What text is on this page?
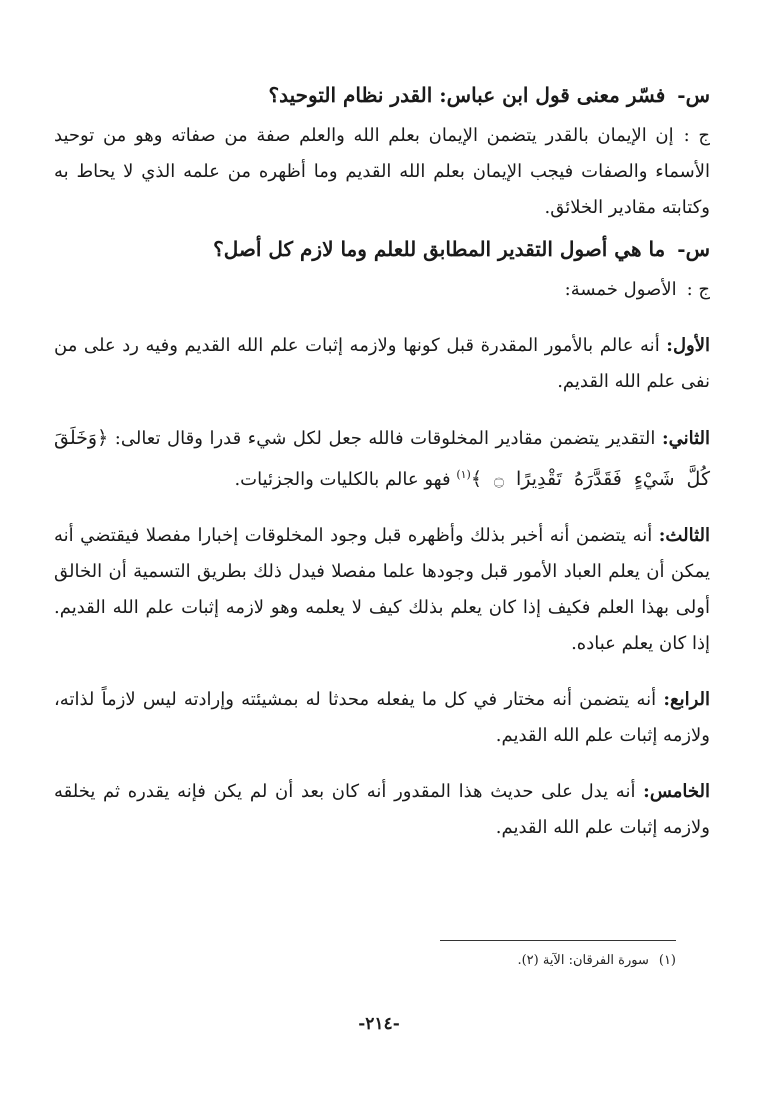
س-فسّر معنى قول ابن عباس: القدر نظام التوحيد؟

ج :إن الإيمان بالقدر يتضمن الإيمان بعلم الله والعلم صفة من صفاته وهو من توحيد الأسماء والصفات فيجب الإيمان بعلم الله القديم وما أظهره من علمه الذي لا يحاط به وكتابته مقادير الخلائق.

س-ما هي أصول التقدير المطابق للعلم وما لازم كل أصل؟

ج :الأصول خمسة:

الأول: أنه عالم بالأمور المقدرة قبل كونها ولازمه إثبات علم الله القديم وفيه رد على من نفى علم الله القديم.

الثاني: التقدير يتضمن مقادير المخلوقات فالله جعل لكل شيء قدرا وقال تعالى: ﴿وَخَلَقَ كُلَّ شَيْءٍ فَقَدَّرَهُ تَقْدِيرًا ۝ ﴾$^{(١)}$ فهو عالم بالكليات والجزئيات.

الثالث: أنه يتضمن أنه أخبر بذلك وأظهره قبل وجود المخلوقات إخبارا مفصلا فيقتضي أنه يمكن أن يعلم العباد الأمور قبل وجودها علما مفصلا فيدل ذلك بطريق التسمية أن الخالق أولى بهذا العلم فكيف إذا كان يعلم بذلك كيف لا يعلمه وهو لازمه إثبات علم الله القديم. إذا كان يعلم عباده.

الرابع: أنه يتضمن أنه مختار في كل ما يفعله محدثا له بمشيئته وإرادته ليس لازماً لذاته، ولازمه إثبات علم الله القديم.

الخامس: أنه يدل على حديث هذا المقدور أنه كان بعد أن لم يكن فإنه يقدره ثم يخلقه ولازمه إثبات علم الله القديم.

(١)سورة الفرقان: الآية (٢).
-٢١٤-
